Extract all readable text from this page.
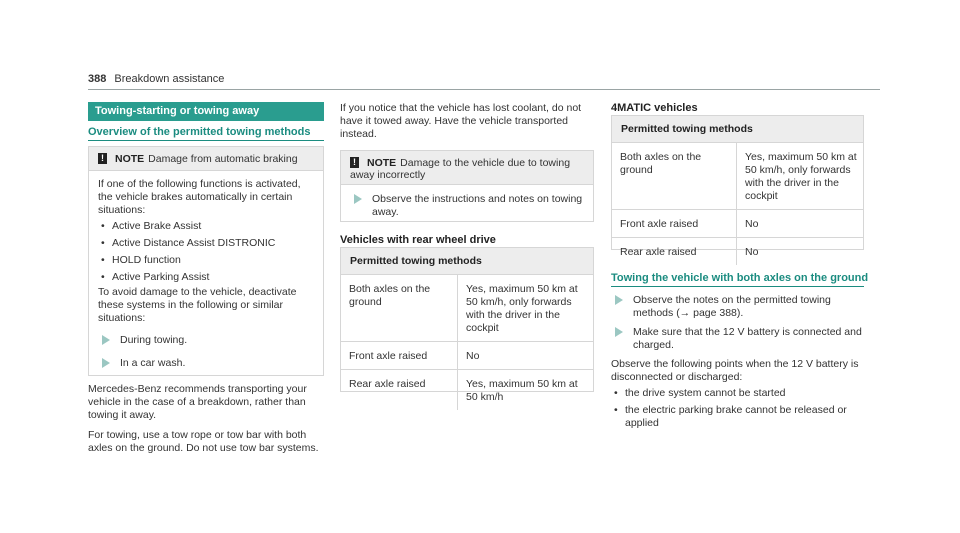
388 Breakdown assistance
Towing-starting or towing away
Overview of the permitted towing methods
! NOTE Damage from automatic braking

If one of the following functions is activated, the vehicle brakes automatically in certain situations:

• Active Brake Assist
• Active Distance Assist DISTRONIC
• HOLD function
• Active Parking Assist

To avoid damage to the vehicle, deactivate these systems in the following or similar situations:

During towing.
In a car wash.

Mercedes-Benz recommends transporting your vehicle in the case of a breakdown, rather than towing it away.

For towing, use a tow rope or tow bar with both axles on the ground. Do not use tow bar systems.

If you notice that the vehicle has lost coolant, do not have it towed away. Have the vehicle transported instead.

! NOTE Damage to the vehicle due to towing away incorrectly
Observe the instructions and notes on towing away.
Vehicles with rear wheel drive
Permitted towing methods
Both axles on the ground	Yes, maximum 50 km at 50 km/h, only forwards with the driver in the cockpit
Front axle raised	No
Rear axle raised	Yes, maximum 50 km at 50 km/h
4MATIC vehicles
Permitted towing methods
Both axles on the ground	Yes, maximum 50 km at 50 km/h, only forwards with the driver in the cockpit
Front axle raised	No
Rear axle raised	No
Towing the vehicle with both axles on the ground
Observe the notes on the permitted towing methods (→ page 388).
Make sure that the 12 V battery is connected and charged.

Observe the following points when the 12 V battery is disconnected or discharged:

• the drive system cannot be started
• the electric parking brake cannot be released or applied
